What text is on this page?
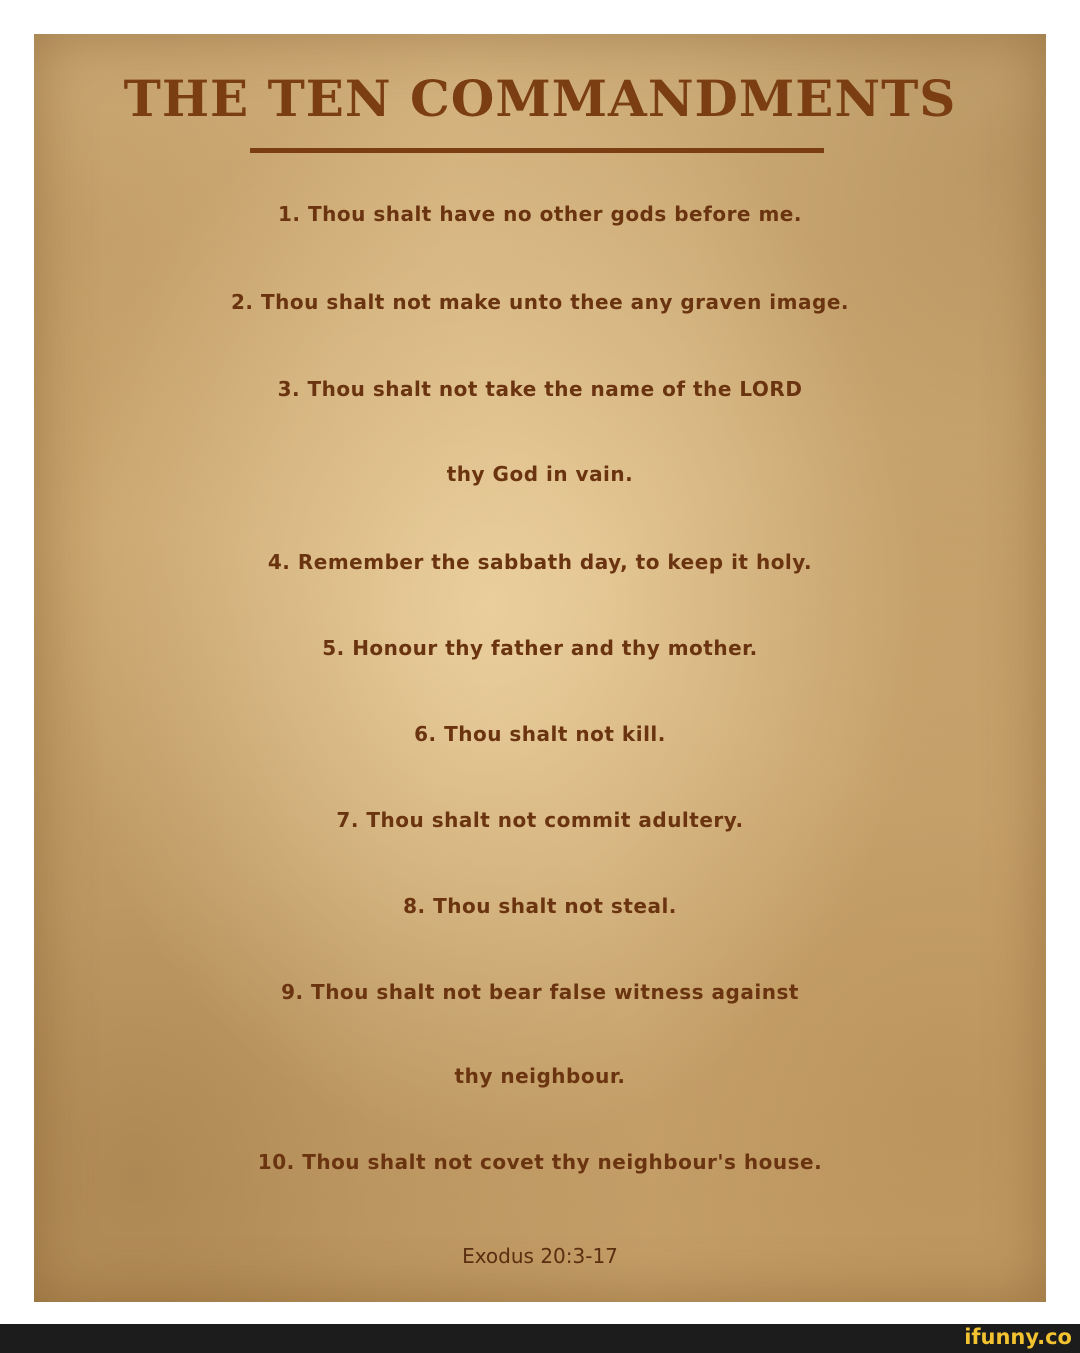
THE TEN COMMANDMENTS
1. Thou shalt have no other gods before me.
2. Thou shalt not make unto thee any graven image.
3. Thou shalt not take the name of the LORD
thy God in vain.
4. Remember the sabbath day, to keep it holy.
5. Honour thy father and thy mother.
6. Thou shalt not kill.
7. Thou shalt not commit adultery.
8. Thou shalt not steal.
9. Thou shalt not bear false witness against
thy neighbour.
10. Thou shalt not covet thy neighbour's house.
Exodus 20:3-17
ifunny.co
